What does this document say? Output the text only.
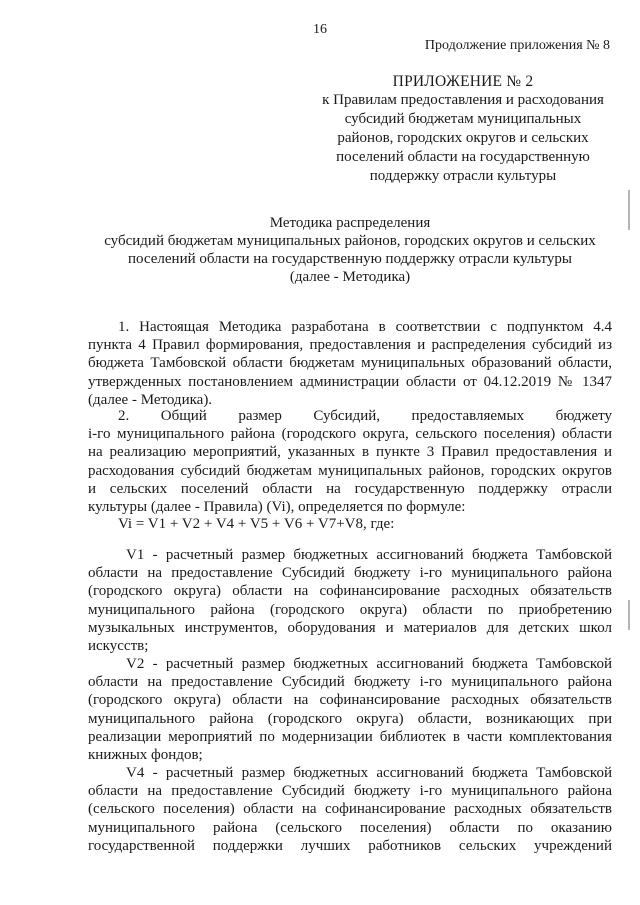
16
Продолжение приложения № 8
ПРИЛОЖЕНИЕ № 2
к Правилам предоставления и расходования
субсидий бюджетам муниципальных
районов, городских округов и сельских
поселений области на государственную
поддержку отрасли культуры
Методика распределения
субсидий бюджетам муниципальных районов, городских округов и сельских
поселений области на государственную поддержку отрасли культуры
(далее - Методика)
1. Настоящая Методика разработана в соответствии с подпунктом 4.4
пункта 4 Правил формирования, предоставления и распределения субсидий из
бюджета Тамбовской области бюджетам муниципальных образований области,
утвержденных постановлением администрации области от 04.12.2019 № 1347
(далее - Методика).
2. Общий размер Субсидий, предоставляемых бюджету
i-го муниципального района (городского округа, сельского поселения) области
на реализацию мероприятий, указанных в пункте 3 Правил предоставления и
расходования субсидий бюджетам муниципальных районов, городских округов
и сельских поселений области на государственную поддержку отрасли
культуры (далее - Правила) (Vi), определяется по формуле:
Vi = V1 + V2 + V4 + V5 + V6 + V7+V8, где:
V1 - расчетный размер бюджетных ассигнований бюджета Тамбовской
области на предоставление Субсидий бюджету i-го муниципального района
(городского округа) области на софинансирование расходных обязательств
муниципального района (городского округа) области по приобретению
музыкальных инструментов, оборудования и материалов для детских школ
искусств;
V2 - расчетный размер бюджетных ассигнований бюджета Тамбовской
области на предоставление Субсидий бюджету i-го муниципального района
(городского округа) области на софинансирование расходных обязательств
муниципального района (городского округа) области, возникающих при
реализации мероприятий по модернизации библиотек в части комплектования
книжных фондов;
V4 - расчетный размер бюджетных ассигнований бюджета Тамбовской
области на предоставление Субсидий бюджету i-го муниципального района
(сельского поселения) области на софинансирование расходных обязательств
муниципального района (сельского поселения) области по оказанию
государственной поддержки лучших работников сельских учреждений
